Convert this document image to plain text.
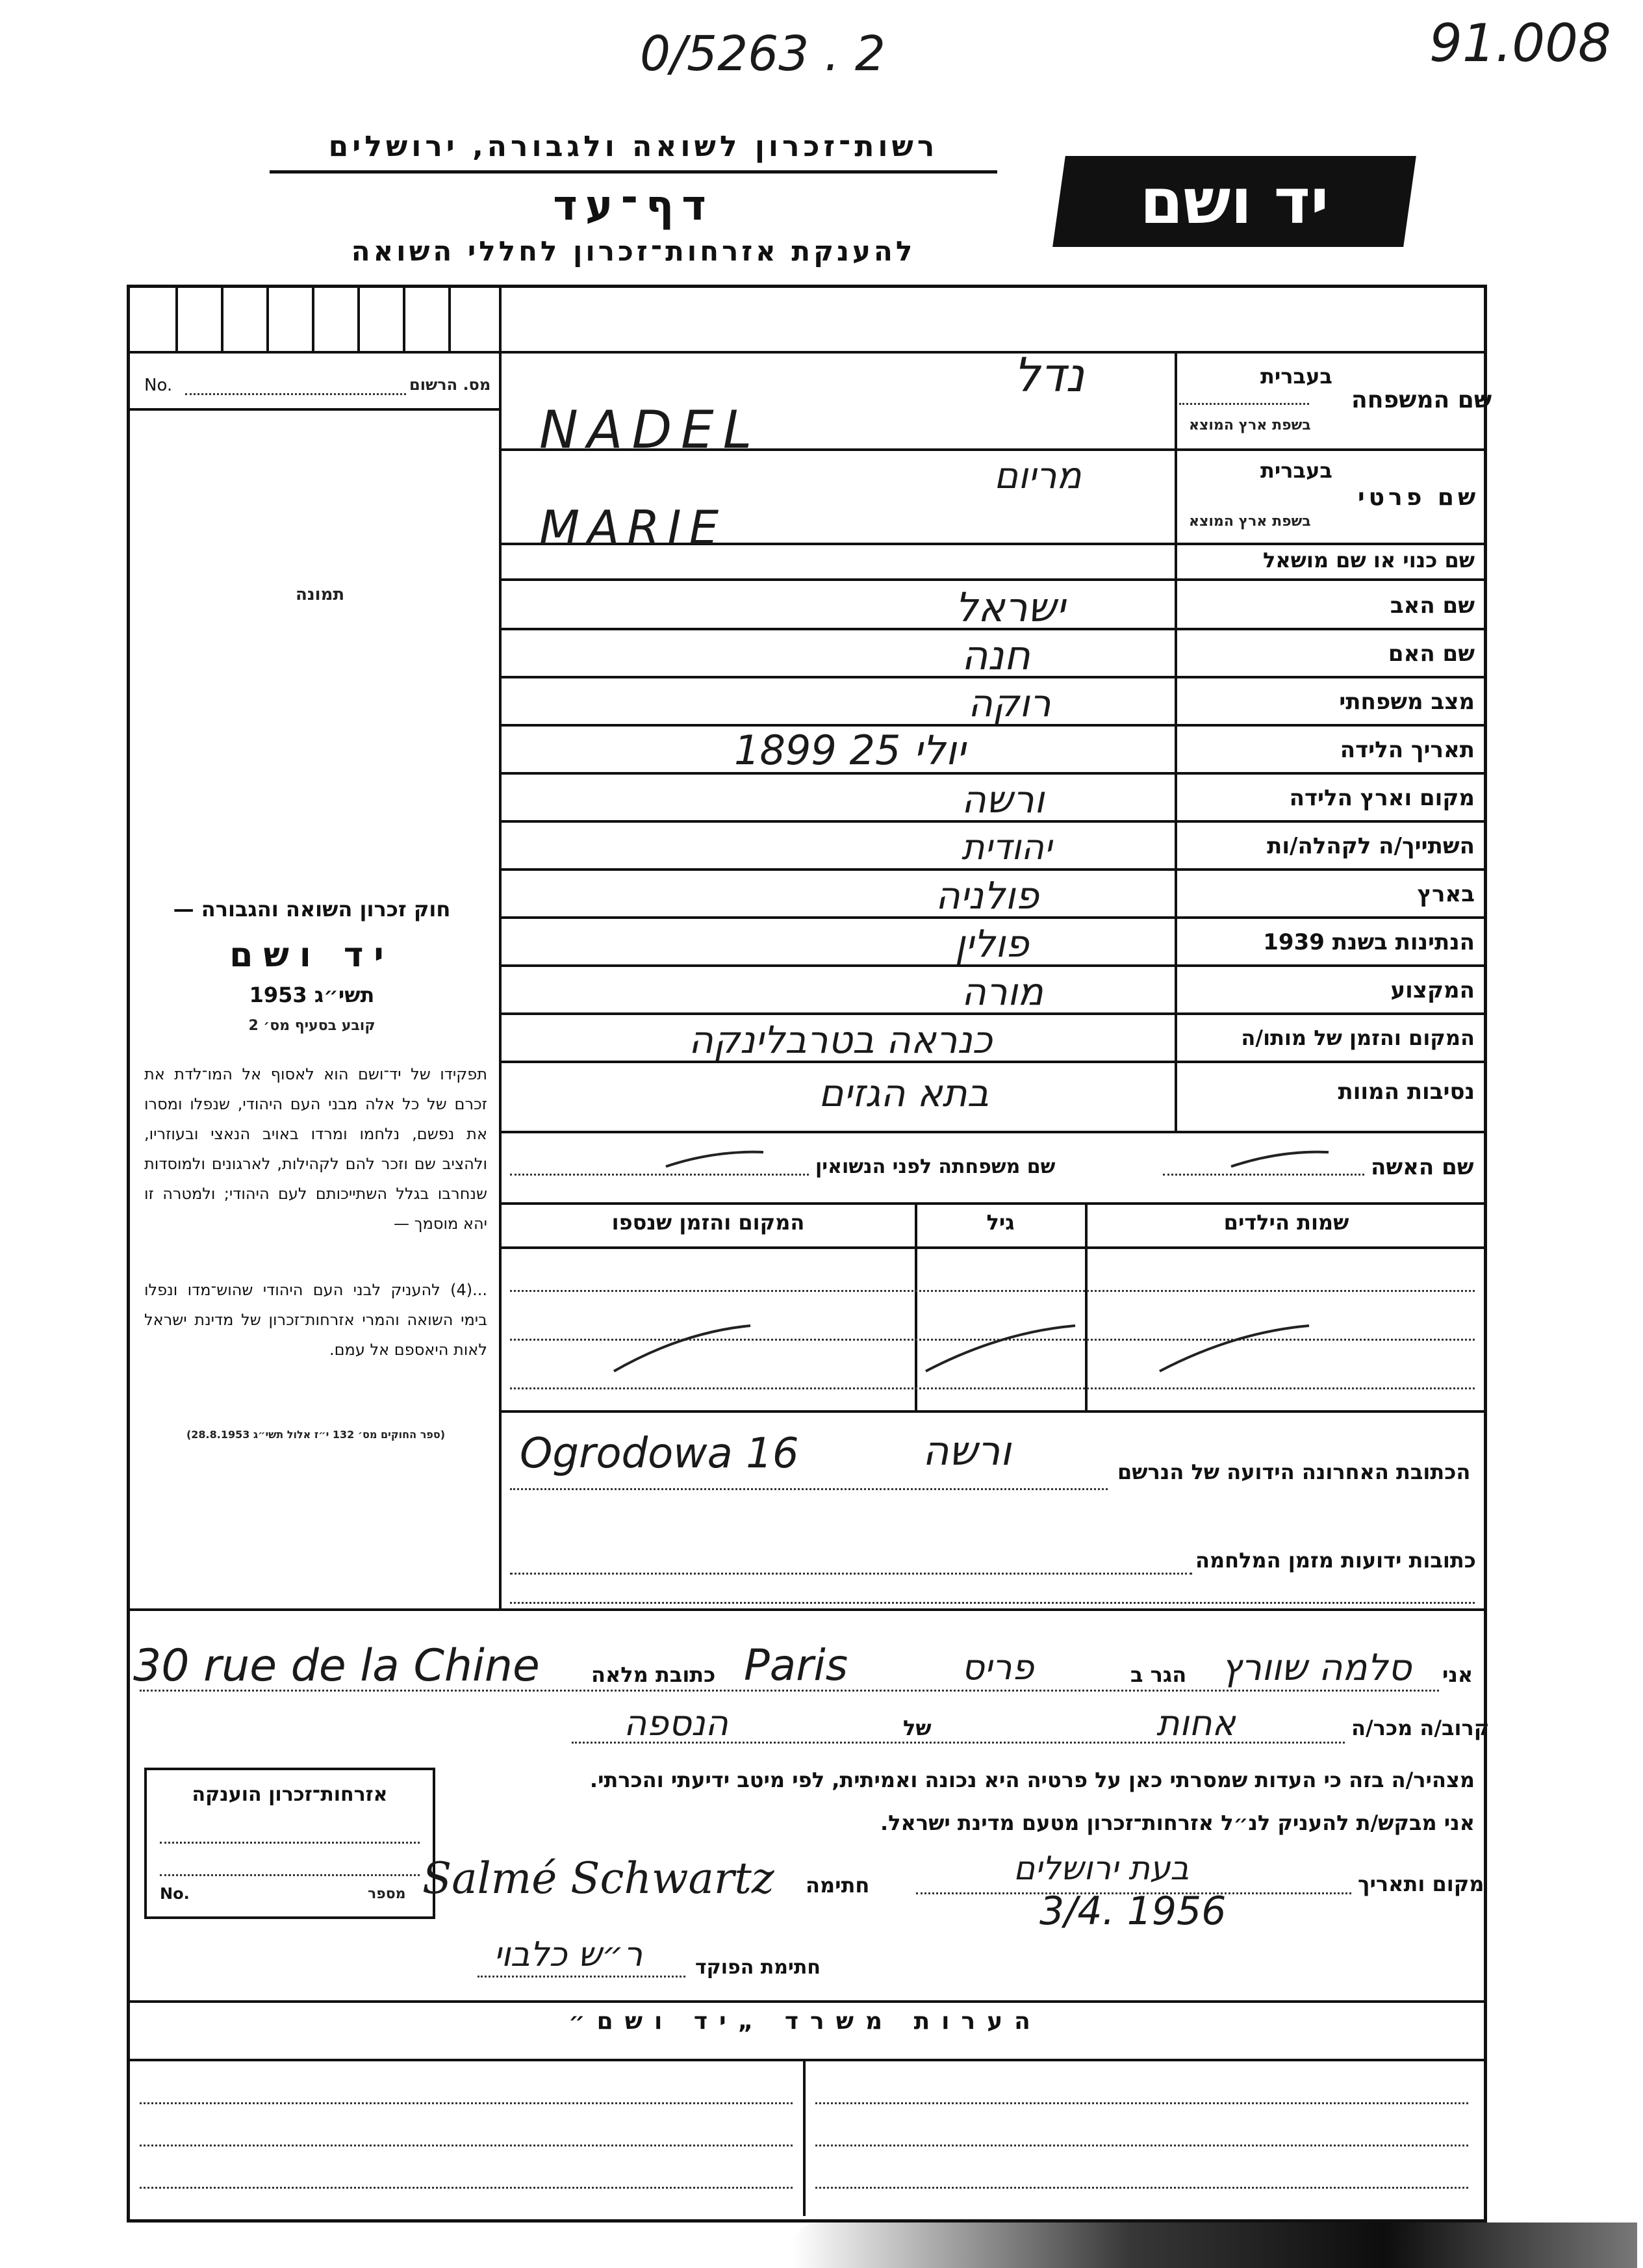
0/5263 . 2	91.008
רשות־זכרון לשואה ולגבורה, ירושלים
דף־עד
להענקת אזרחות־זכרון לחללי השואה
יד ושם
מס. הרשום
No.
תמונה
חוק זכרון השואה והגבורה —
יד ושם
תשי״ג 1953
קובע בסעיף מס׳ 2
תפקידו של יד־ושם הוא לאסוף אל המו־לדת את זכרם של כל אלה מבני העם היהודי, שנפלו ומסרו את נפשם, נלחמו ומרדו באויב הנאצי ובעוזריו, ולהציב שם וזכר להם לקהילות, לארגונים ולמוסדות שנחרבו בגלל השתייכותם לעם היהודי; ולמטרה זו יהא מוסמך —
...(4) להעניק לבני העם היהודי שהוש־מדו ונפלו בימי השואה והמרי אזרחות־זכרון של מדינת ישראל לאות היאספם אל עמם.
(ספר החוקים מס׳ 132 י״ז אלול תשי״ג 28.8.1953)
בעברית
שם המשפחה
בשפת ארץ המוצא
נדל
NADEL
בעברית
שם פרטי
בשפת ארץ המוצא
מריום
MARIE
שם כנוי או שם מושאל
שם האב
ישראל
שם האם
חנה
מצב משפחתי
רוקה
תאריך הלידה
1899 25 יולי
מקום וארץ הלידה
ורשה
השתייך/ה לקהלה/ות
יהודית
בארץ
פולניה
הנתינות בשנת 1939
פולין
המקצוע
מורה
המקום והזמן של מותו/ה
כנראה בטרבלינקה
נסיבות המוות
בתא הגזים
שם האשה
שם משפחתה לפני הנשואין
שמות הילדים
גיל
המקום והזמן שנספו
הכתובת האחרונה הידועה של הנרשם
Ogrodowa 16	ורשה
כתובות ידועות מזמן המלחמה
אני
סלמה שוורץ
הגר ב
פריס
Paris
כתובת מלאה
30 rue de la Chine
קרוב/ה מכר/ה
אחות
של
הנספה
מצהיר/ה בזה כי העדות שמסרתי כאן על פרטיה היא נכונה ואמיתית, לפי מיטב ידיעתי והכרתי.
אני מבקש/ת להעניק לנ״ל אזרחות־זכרון מטעם מדינת ישראל.
אזרחות־זכרון הוענקה
No.	מספר	מקום ותאריך
בעת ירושלים
3/4. 1956
חתימה
Salmé Schwartz
חתימת הפוקד
ר״ש כלבוי
הערות משרד „יד ושם״
